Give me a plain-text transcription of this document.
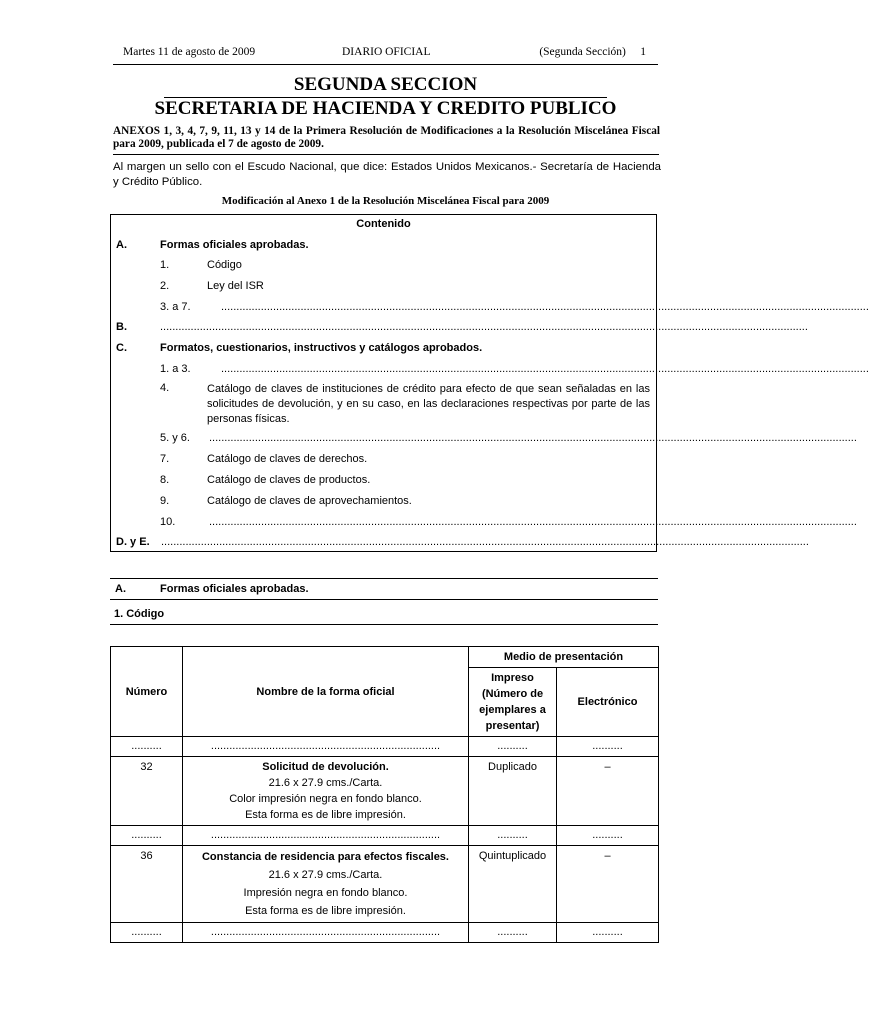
Martes 11 de agosto de 2009	DIARIO OFICIAL	(Segunda Sección) 1
SEGUNDA SECCION
SECRETARIA DE HACIENDA Y CREDITO PUBLICO
ANEXOS 1, 3, 4, 7, 9, 11, 13 y 14 de la Primera Resolución de Modificaciones a la Resolución Miscelánea Fiscal para 2009, publicada el 7 de agosto de 2009.
Al margen un sello con el Escudo Nacional, que dice: Estados Unidos Mexicanos.- Secretaría de Hacienda y Crédito Público.
Modificación al Anexo 1 de la Resolución Miscelánea Fiscal para 2009
Contenido
A.	Formas oficiales aprobadas.
1.	Código
2.	Ley del ISR
3. a 7.	....................................................................................................................................................................................................................
B.	....................................................................................................................................................................................................................
C.	Formatos, cuestionarios, instructivos y catálogos aprobados.
1. a 3.	....................................................................................................................................................................................................................
4.	Catálogo de claves de instituciones de crédito para efecto de que sean señaladas en las solicitudes de devolución, y en su caso, en las declaraciones respectivas por parte de las personas físicas.
5. y 6. ....................................................................................................................................................................................................................
7.	Catálogo de claves de derechos.
8.	Catálogo de claves de productos.
9.	Catálogo de claves de aprovechamientos.
10.	....................................................................................................................................................................................................................
D. y E. ....................................................................................................................................................................................................................
A.	Formas oficiales aprobadas.
1. Código
Número	Nombre de la forma oficial	Medio de presentación	
		Impreso (Número de ejemplares a presentar)	Electrónico
..........	...........................................................................	..........	..........
32	Solicitud de devolución.
21.6 x 27.9 cms./Carta.
Color impresión negra en fondo blanco.
Esta forma es de libre impresión.	Duplicado	–
..........	...........................................................................	..........	..........
36	Constancia de residencia para efectos fiscales.
21.6 x 27.9 cms./Carta.
Impresión negra en fondo blanco.
Esta forma es de libre impresión.	Quintuplicado	–
..........	...........................................................................	..........	..........
